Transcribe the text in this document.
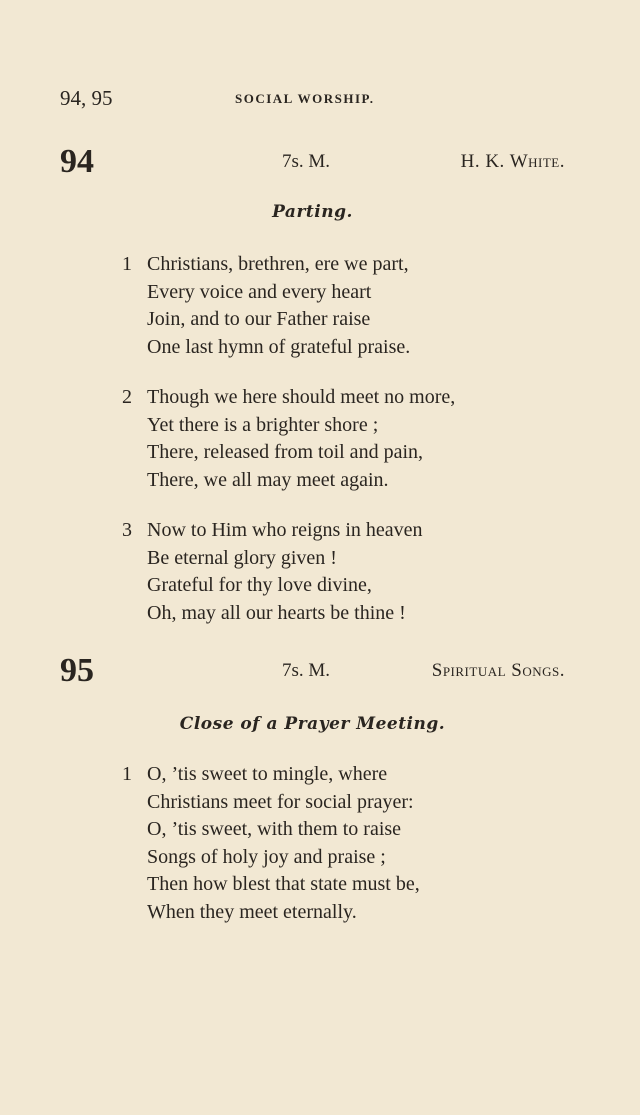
94, 95	SOCIAL WORSHIP.
94	7s. M.	H. K. White.
Parting.
1 Christians, brethren, ere we part,
Every voice and every heart
Join, and to our Father raise
One last hymn of grateful praise.
2 Though we here should meet no more,
Yet there is a brighter shore ;
There, released from toil and pain,
There, we all may meet again.
3 Now to Him who reigns in heaven
Be eternal glory given !
Grateful for thy love divine,
Oh, may all our hearts be thine !
95	7s. M.	Spiritual Songs.
Close of a Prayer Meeting.
1 O, ’tis sweet to mingle, where
Christians meet for social prayer:
O, ’tis sweet, with them to raise
Songs of holy joy and praise ;
Then how blest that state must be,
When they meet eternally.
